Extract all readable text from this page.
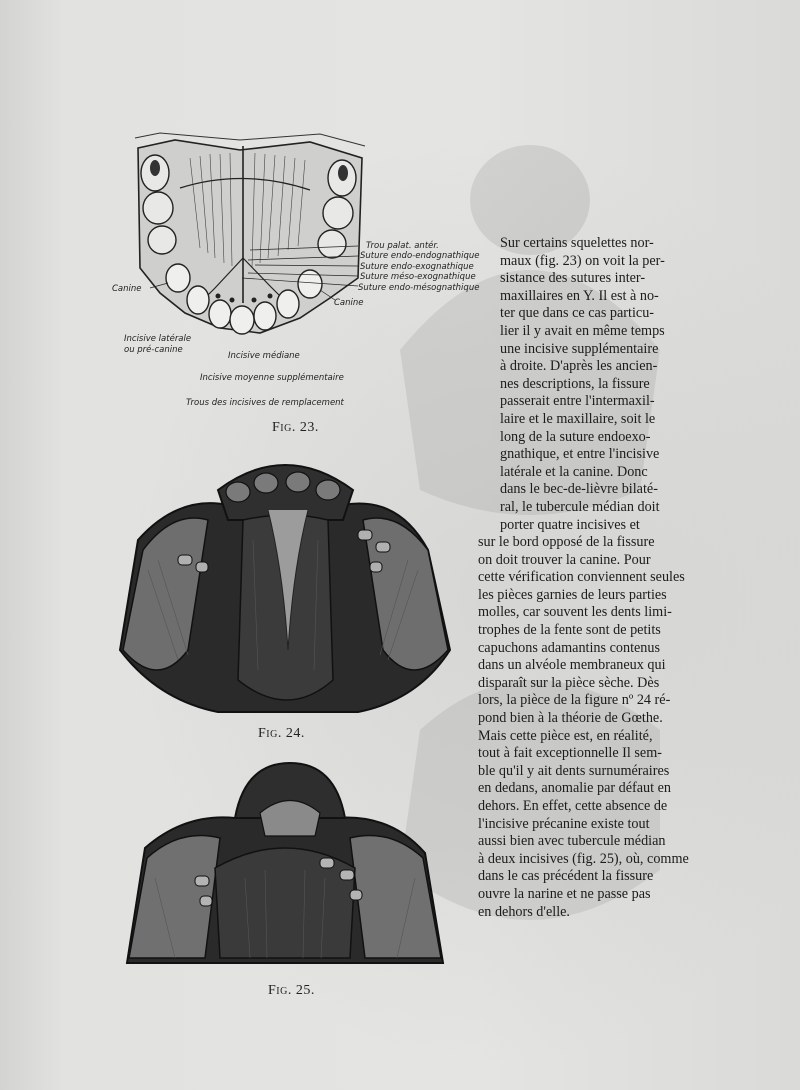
Trou palat. antér.
Suture endo-endognathique
Suture endo-exognathique
Suture méso-exognathique
Suture endo-mésognathique
Canine
Canine
Incisive latérale
ou pré-canine
Incisive médiane
Incisive moyenne supplémentaire
Trous des incisives de remplacement
Fig. 23.
Fig. 24.
Fig. 25.

Sur certains squelettes nor-
maux (fig. 23) on voit la per-
sistance des sutures inter-
maxillaires en Y. Il est à no-
ter que dans ce cas particu-
lier il y avait en même temps
une incisive supplémentaire
à droite. D'après les ancien-
nes descriptions, la fissure
passerait entre l'intermaxil-
laire et le maxillaire, soit le
long de la suture endoexo-
gnathique, et entre l'incisive
latérale et la canine. Donc
dans le bec-de-lièvre bilaté-
ral, le tubercule médian doit
porter quatre incisives et
sur le bord opposé de la fissure
on doit trouver la canine. Pour
cette vérification conviennent seules
les pièces garnies de leurs parties
molles, car souvent les dents limi-
trophes de la fente sont de petits
capuchons adamantins contenus
dans un alvéole membraneux qui
disparaît sur la pièce sèche. Dès
lors, la pièce de la figure nº 24 ré-
pond bien à la théorie de Gœthe.
Mais cette pièce est, en réalité,
tout à fait exceptionnelle Il sem-
ble qu'il y ait dents surnuméraires
en dedans, anomalie par défaut en
dehors. En effet, cette absence de
l'incisive précanine existe tout
aussi bien avec tubercule médian
à deux incisives (fig. 25), où, comme
dans le cas précédent la fissure
ouvre la narine et ne passe pas
en dehors d'elle.
